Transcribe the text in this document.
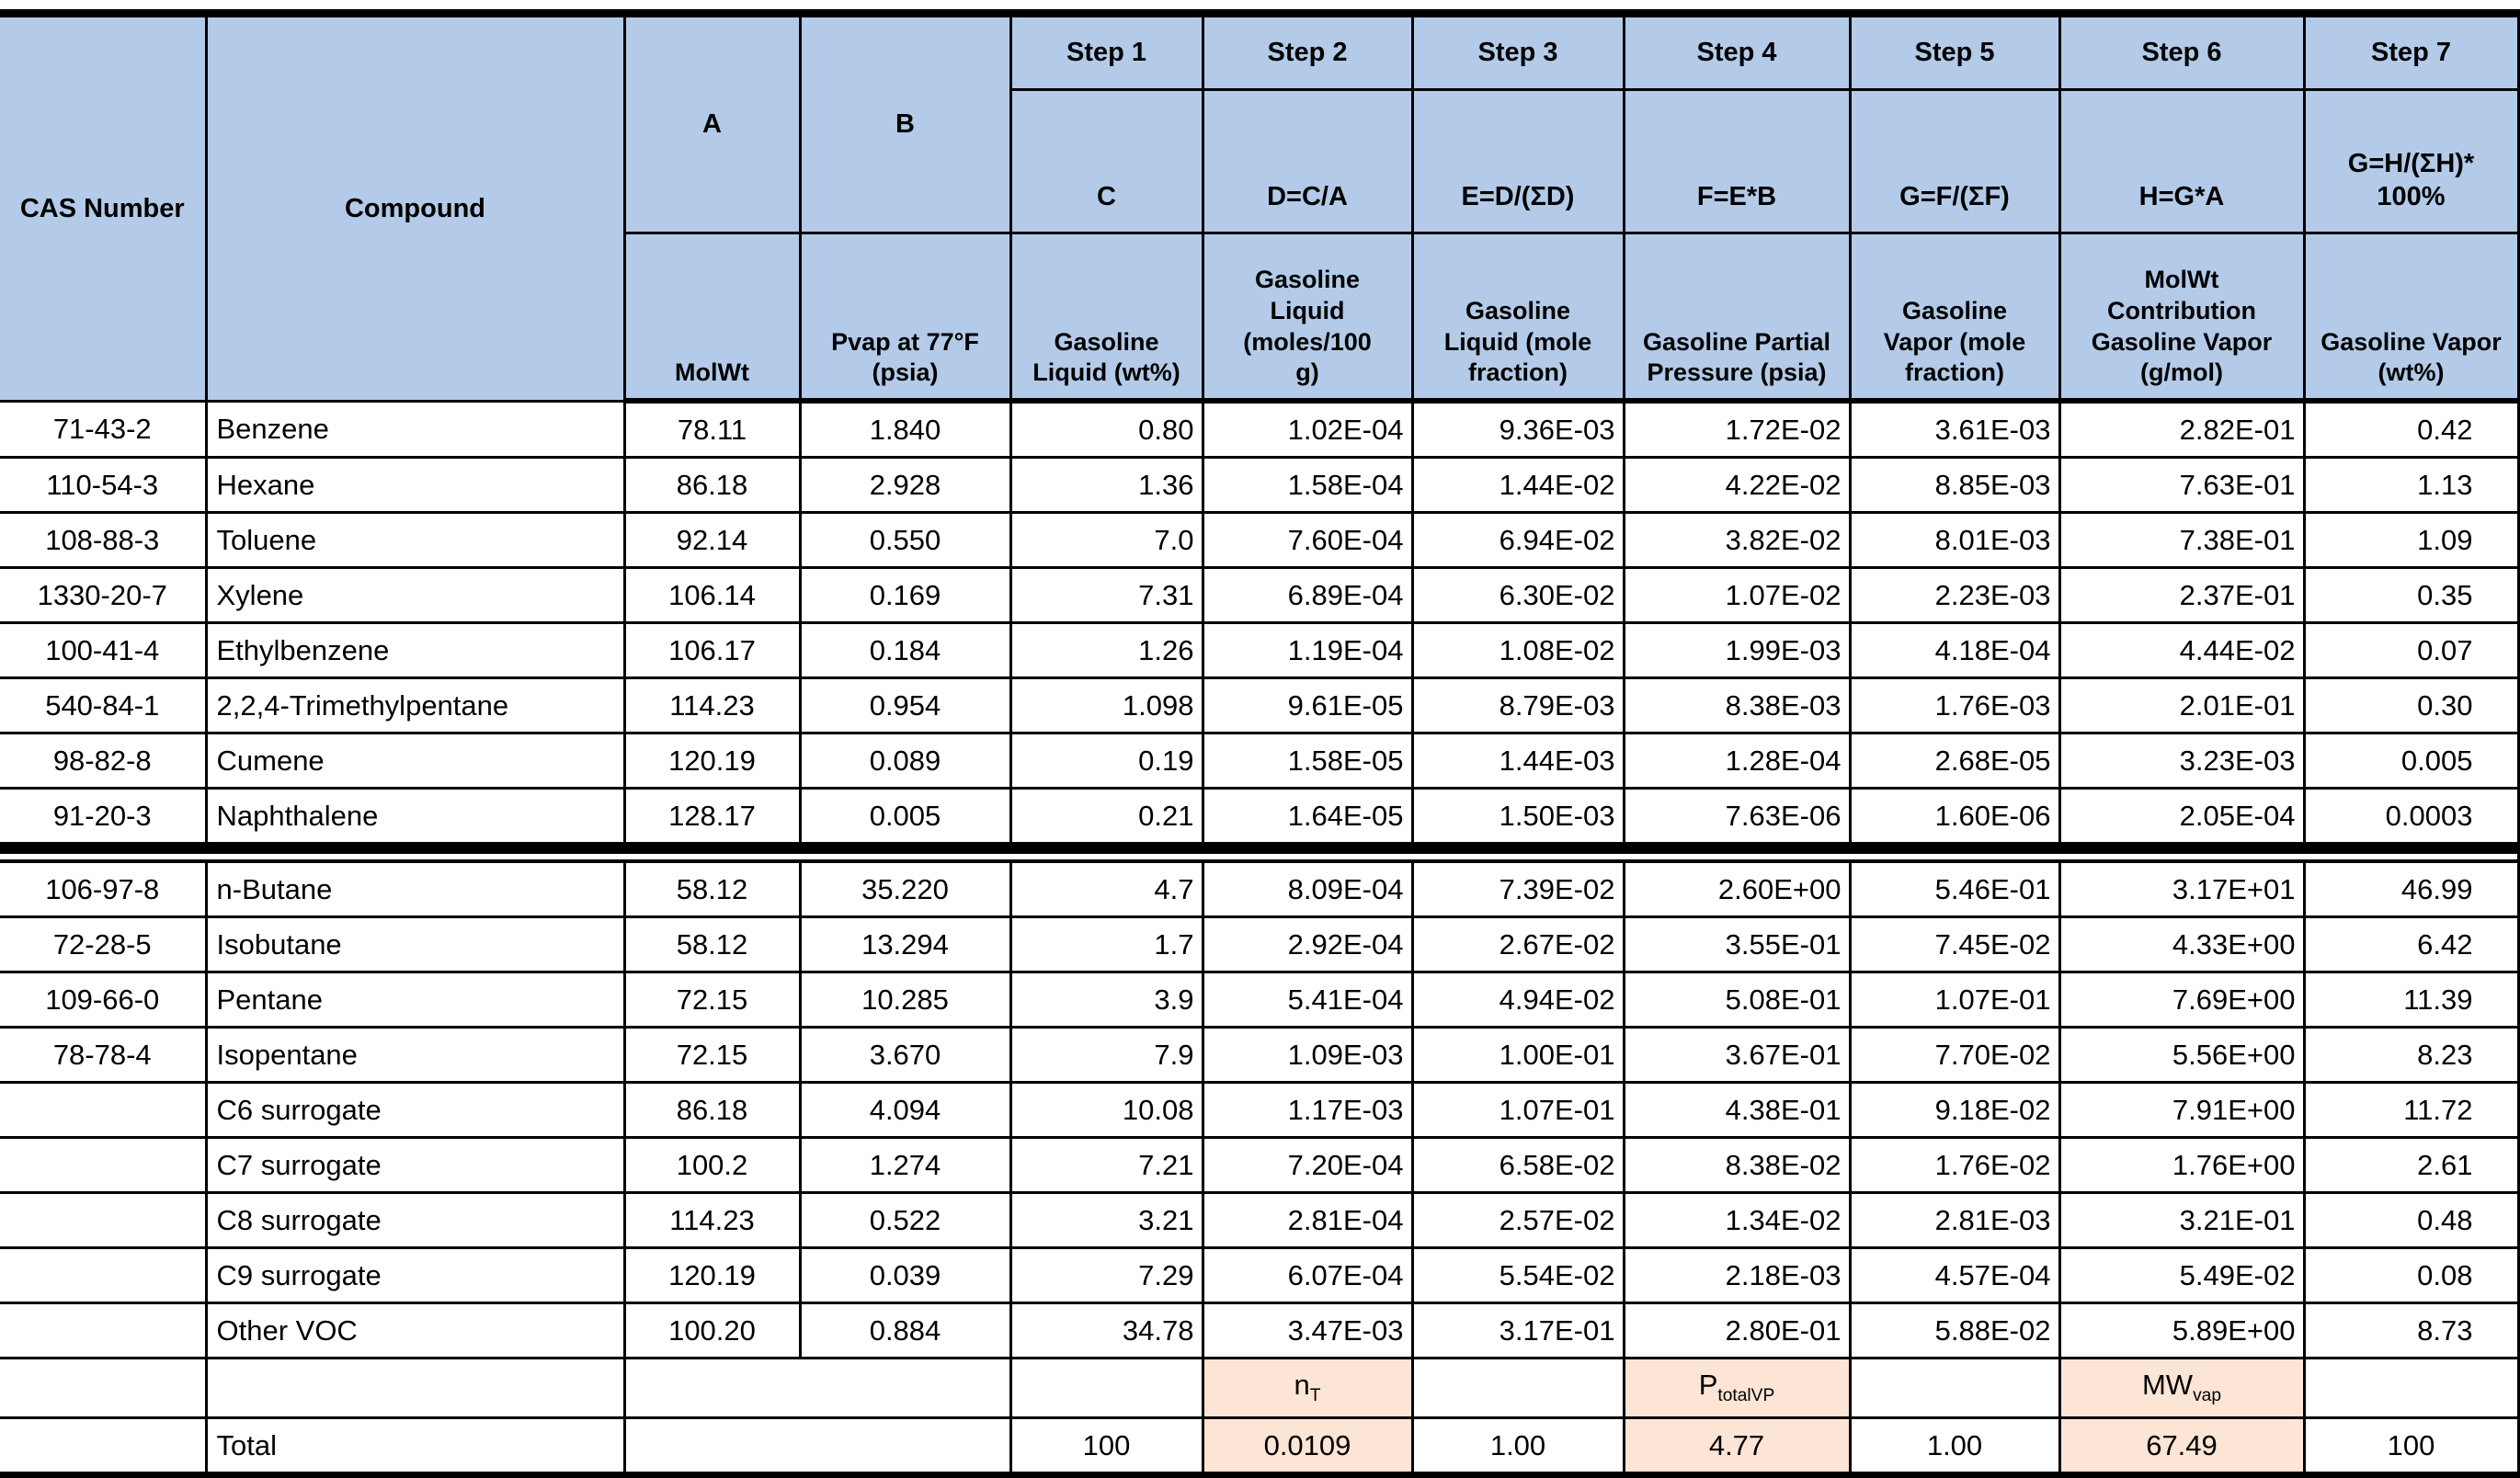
CAS Number	Compound	A	B	Step 1	Step 2	Step 3	Step 4	Step 5	Step 6	Step 7
				C	D=C/A	E=D/(ΣD)	F=E*B	G=F/(ΣF)	H=G*A	G=H/(ΣH)* 100%
		MolWt	Pvap at 77°F (psia)	Gasoline Liquid (wt%)	Gasoline Liquid (moles/100 g)	Gasoline Liquid (mole fraction)	Gasoline Partial Pressure (psia)	Gasoline Vapor (mole fraction)	MolWt Contribution Gasoline Vapor (g/mol)	Gasoline Vapor (wt%)
71-43-2	Benzene	78.11	1.840	0.80	1.02E-04	9.36E-03	1.72E-02	3.61E-03	2.82E-01	0.42
110-54-3	Hexane	86.18	2.928	1.36	1.58E-04	1.44E-02	4.22E-02	8.85E-03	7.63E-01	1.13
108-88-3	Toluene	92.14	0.550	7.0	7.60E-04	6.94E-02	3.82E-02	8.01E-03	7.38E-01	1.09
1330-20-7	Xylene	106.14	0.169	7.31	6.89E-04	6.30E-02	1.07E-02	2.23E-03	2.37E-01	0.35
100-41-4	Ethylbenzene	106.17	0.184	1.26	1.19E-04	1.08E-02	1.99E-03	4.18E-04	4.44E-02	0.07
540-84-1	2,2,4-Trimethylpentane	114.23	0.954	1.098	9.61E-05	8.79E-03	8.38E-03	1.76E-03	2.01E-01	0.30
98-82-8	Cumene	120.19	0.089	0.19	1.58E-05	1.44E-03	1.28E-04	2.68E-05	3.23E-03	0.005
91-20-3	Naphthalene	128.17	0.005	0.21	1.64E-05	1.50E-03	7.63E-06	1.60E-06	2.05E-04	0.0003

106-97-8	n-Butane	58.12	35.220	4.7	8.09E-04	7.39E-02	2.60E+00	5.46E-01	3.17E+01	46.99
72-28-5	Isobutane	58.12	13.294	1.7	2.92E-04	2.67E-02	3.55E-01	7.45E-02	4.33E+00	6.42
109-66-0	Pentane	72.15	10.285	3.9	5.41E-04	4.94E-02	5.08E-01	1.07E-01	7.69E+00	11.39
78-78-4	Isopentane	72.15	3.670	7.9	1.09E-03	1.00E-01	3.67E-01	7.70E-02	5.56E+00	8.23
	C6 surrogate	86.18	4.094	10.08	1.17E-03	1.07E-01	4.38E-01	9.18E-02	7.91E+00	11.72
	C7 surrogate	100.2	1.274	7.21	7.20E-04	6.58E-02	8.38E-02	1.76E-02	1.76E+00	2.61
	C8 surrogate	114.23	0.522	3.21	2.81E-04	2.57E-02	1.34E-02	2.81E-03	3.21E-01	0.48
	C9 surrogate	120.19	0.039	7.29	6.07E-04	5.54E-02	2.18E-03	4.57E-04	5.49E-02	0.08
	Other VOC	100.20	0.884	34.78	3.47E-03	3.17E-01	2.80E-01	5.88E-02	5.89E+00	8.73
					$n_T$		$P_{totalVP}$		$MW_{vap}$	
	Total			100	0.0109	1.00	4.77	1.00	67.49	100
